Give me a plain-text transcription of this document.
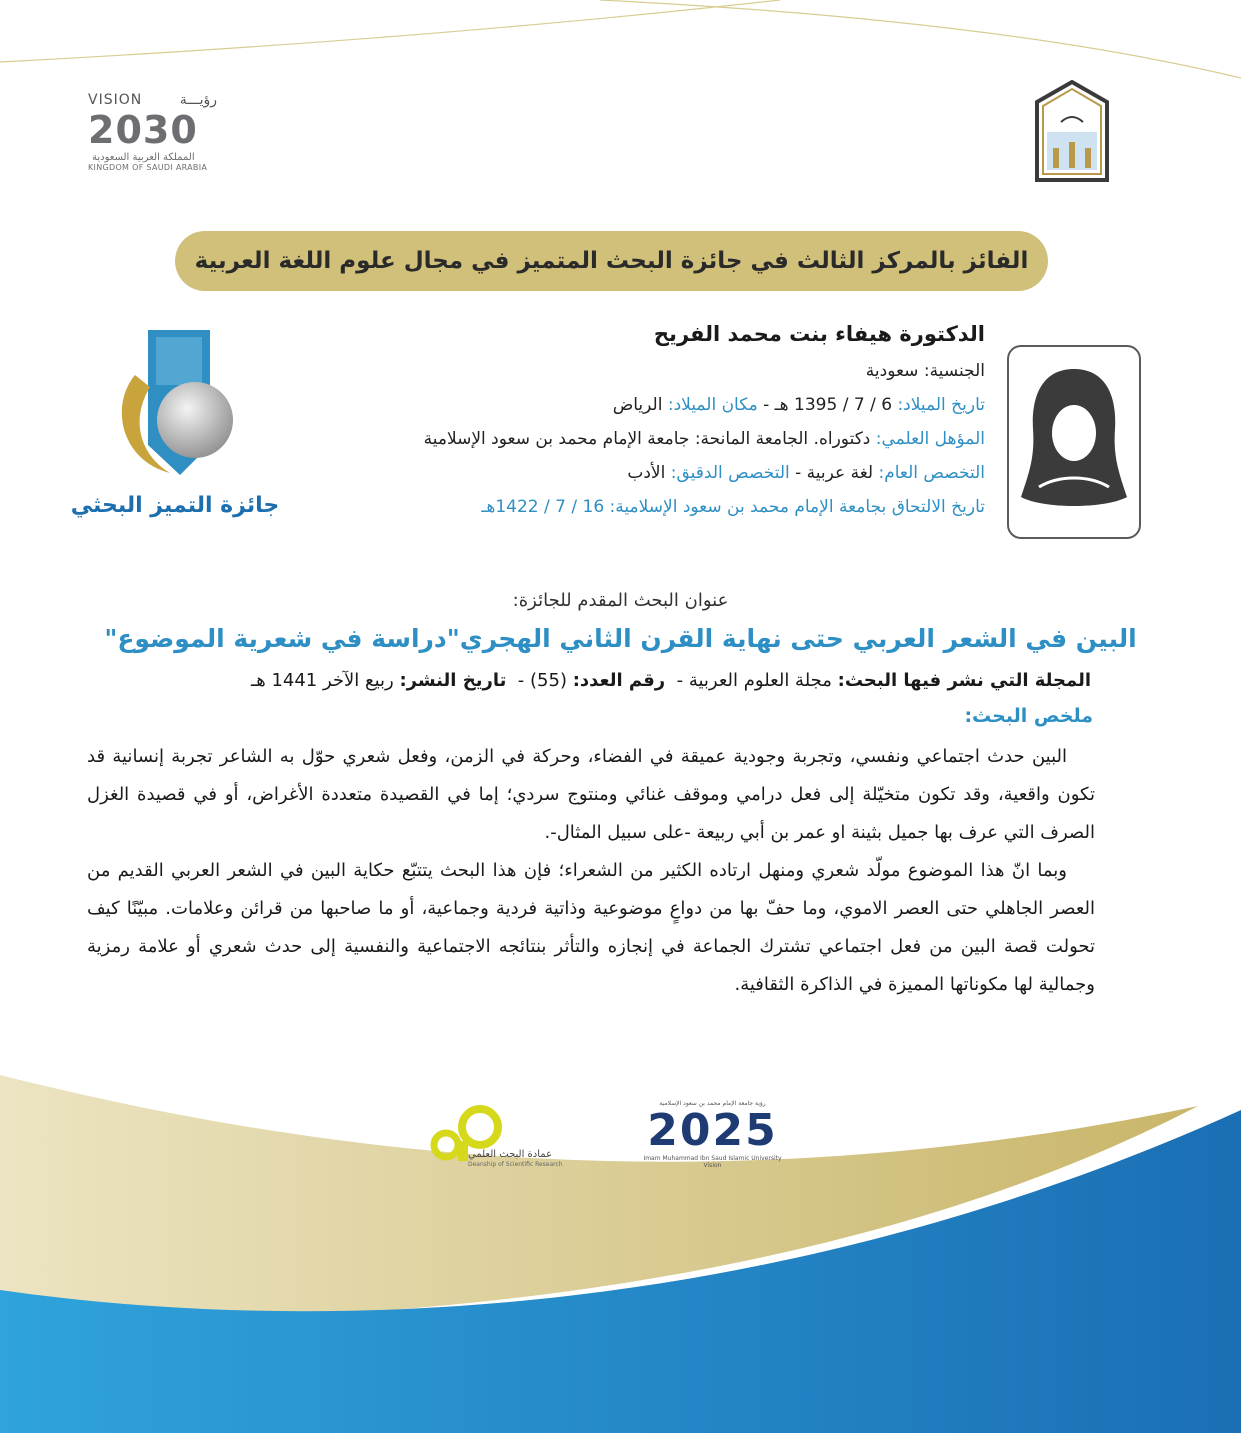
VISION	رؤيـــة
2030
المملكة العربية السعودية
KINGDOM OF SAUDI ARABIA
الفائز بالمركز الثالث في جائزة البحث المتميز في مجال علوم اللغة العربية
الدكتورة هيفاء بنت محمد الفريح
الجنسية: سعودية
تاريخ الميلاد: 6 / 7 / 1395 هـ - مكان الميلاد: الرياض
المؤهل العلمي: دكتوراه. الجامعة المانحة: جامعة الإمام محمد بن سعود الإسلامية
التخصص العام: لغة عربية - التخصص الدقيق: الأدب
تاريخ الالتحاق بجامعة الإمام محمد بن سعود الإسلامية: 16 / 7 / 1422هـ
جائزة التميز البحثي
عنوان البحث المقدم للجائزة:
البين في الشعر العربي حتى نهاية القرن الثاني الهجري"دراسة في شعرية الموضوع"
المجلة التي نشر فيها البحث: مجلة العلوم العربية -  رقم العدد: (55) -  تاريخ النشر: ربيع الآخر 1441 هـ
ملخص البحث:

البين حدث اجتماعي ونفسي، وتجربة وجودية عميقة في الفضاء، وحركة في الزمن، وفعل شعري حوّل به الشاعر تجربة إنسانية قد تكون واقعية، وقد تكون متخيّلة إلى فعل درامي وموقف غنائي ومنتوج سردي؛ إما في القصيدة متعددة الأغراض، أو في قصيدة الغزل الصرف التي عرف بها جميل بثينة او عمر بن أبي ربيعة -على سبيل المثال-.

وبما انّ هذا الموضوع مولّد شعري ومنهل ارتاده الكثير من الشعراء؛ فإن هذا البحث يتتبّع حكاية البين في الشعر العربي القديم من العصر الجاهلي حتى العصر الاموي، وما حفّ بها من دواعٍ موضوعية وذاتية فردية وجماعية، أو ما صاحبها من قرائن وعلامات. مبيّنًا كيف تحولت قصة البين من فعل اجتماعي تشترك الجماعة في إنجازه والتأثر بنتائجه الاجتماعية والنفسية إلى حدث شعري أو علامة رمزية وجمالية لها مكوناتها المميزة في الذاكرة الثقافية.

عمادة البحث العلمي
Deanship of Scientific Research
رؤية جامعة الإمام محمد بن سعود الإسلامية
2025
Imam Muhammad Ibn Saud Islamic University Vision
